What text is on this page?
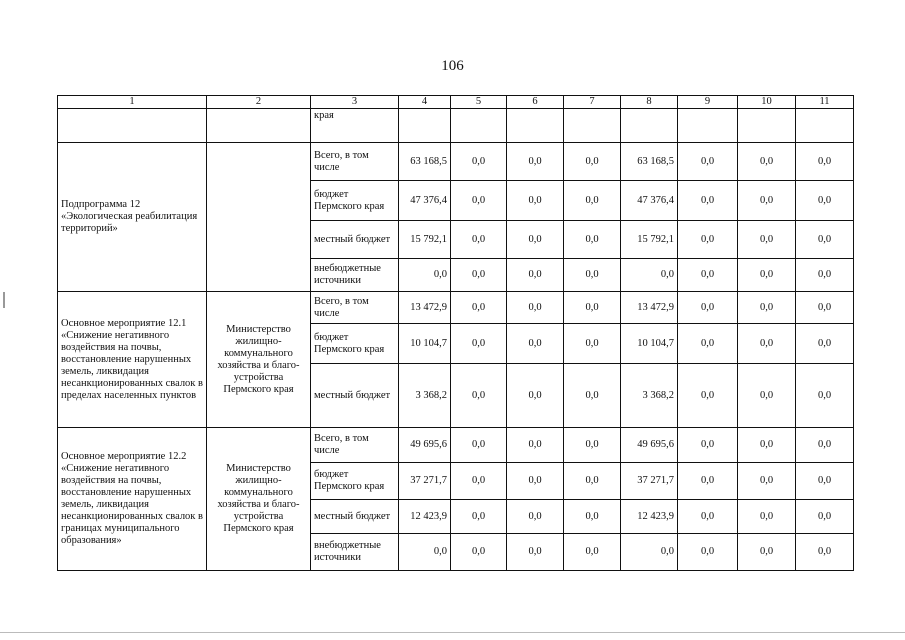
106
1	2	3	4	5	6	7	8	9	10	11
		края								
Подпрограмма 12 «Экологическая реабилитация территорий»		Всего, в том числе	63 168,5	0,0	0,0	0,0	63 168,5	0,0	0,0	0,0
		бюджет Пермского края	47 376,4	0,0	0,0	0,0	47 376,4	0,0	0,0	0,0
		местный бюджет	15 792,1	0,0	0,0	0,0	15 792,1	0,0	0,0	0,0
		внебюджетные источники	0,0	0,0	0,0	0,0	0,0	0,0	0,0	0,0
Основное мероприятие 12.1 «Снижение негативного воздействия на почвы, восстановление нарушенных земель, ликвидация несанкционированных свалок в пределах населенных пунктов	Министерство жилищно-коммунального хозяйства и благо-устройства Пермского края	Всего, в том числе	13 472,9	0,0	0,0	0,0	13 472,9	0,0	0,0	0,0
		бюджет Пермского края	10 104,7	0,0	0,0	0,0	10 104,7	0,0	0,0	0,0
		местный бюджет	3 368,2	0,0	0,0	0,0	3 368,2	0,0	0,0	0,0
Основное мероприятие 12.2 «Снижение негативного воздействия на почвы, восстановление нарушенных земель, ликвидация несанкционированных свалок в границах муниципального образования»	Министерство жилищно-коммунального хозяйства и благо-устройства Пермского края	Всего, в том числе	49 695,6	0,0	0,0	0,0	49 695,6	0,0	0,0	0,0
		бюджет Пермского края	37 271,7	0,0	0,0	0,0	37 271,7	0,0	0,0	0,0
		местный бюджет	12 423,9	0,0	0,0	0,0	12 423,9	0,0	0,0	0,0
		внебюджетные источники	0,0	0,0	0,0	0,0	0,0	0,0	0,0	0,0
